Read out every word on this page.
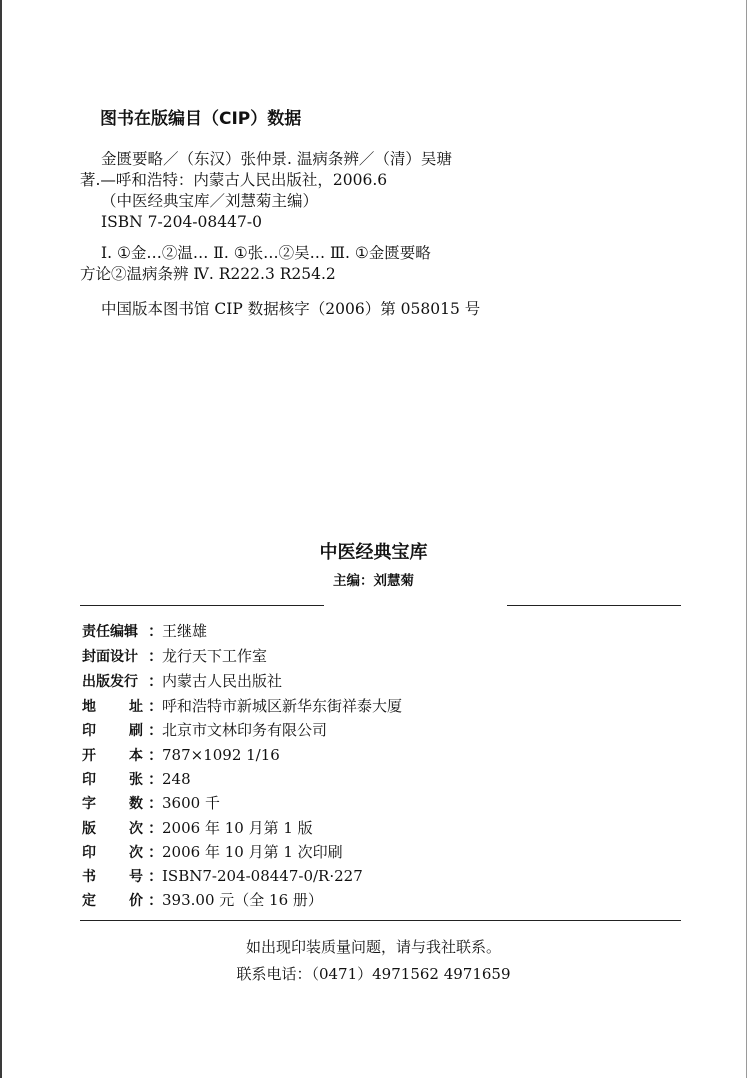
图书在版编目（CIP）数据
金匮要略／（东汉）张仲景. 温病条辨／（清）吴瑭
著.—呼和浩特：内蒙古人民出版社，2006.6
（中医经典宝库／刘慧菊主编）
ISBN 7-204-08447-0
Ⅰ. ①金…②温… Ⅱ. ①张…②吴… Ⅲ. ①金匮要略
方论②温病条辨 Ⅳ. R222.3 R254.2
中国版本图书馆 CIP 数据核字（2006）第 058015 号
中医经典宝库
主编：刘慧菊
责任编辑 ：王继雄
封面设计 ：龙行天下工作室
出版发行 ：内蒙古人民出版社
地 址 ：呼和浩特市新城区新华东街祥泰大厦
印 刷 ：北京市文林印务有限公司
开 本 ：787×1092 1/16
印 张 ：248
字 数 ：3600 千
版 次 ：2006 年 10 月第 1 版
印 次 ：2006 年 10 月第 1 次印刷
书 号 ：ISBN7-204-08447-0/R·227
定 价 ：393.00 元（全 16 册）
如出现印装质量问题，请与我社联系。
联系电话：（0471）4971562 4971659
